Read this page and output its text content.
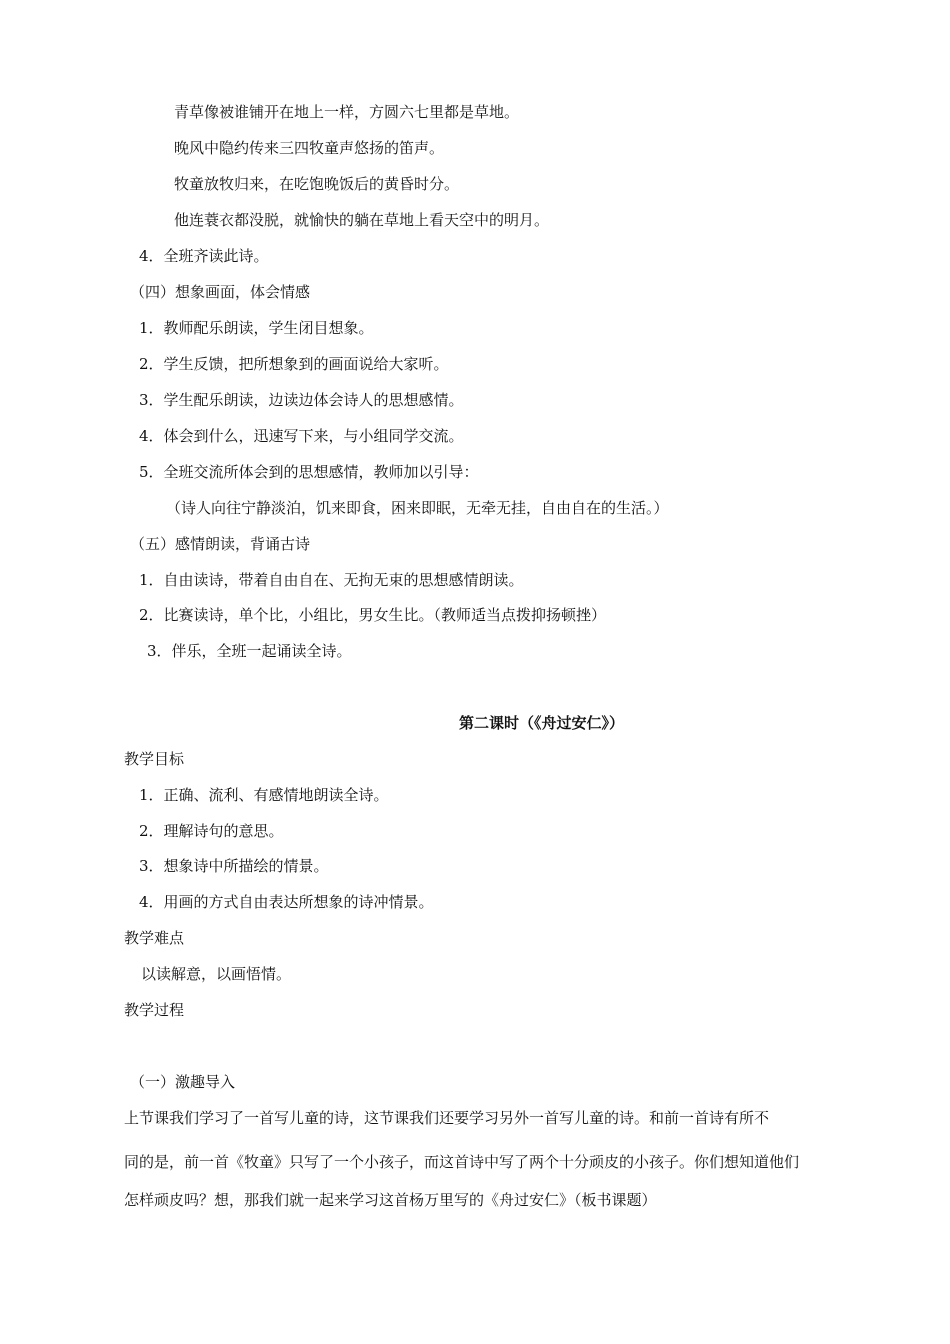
青草像被谁铺开在地上一样，方圆六七里都是草地。
晚风中隐约传来三四牧童声悠扬的笛声。
牧童放牧归来，在吃饱晚饭后的黄昏时分。
他连蓑衣都没脱，就愉快的躺在草地上看天空中的明月。
4．全班齐读此诗。
（四）想象画面，体会情感
1．教师配乐朗读，学生闭目想象。
2．学生反馈，把所想象到的画面说给大家听。
3．学生配乐朗读，边读边体会诗人的思想感情。
4．体会到什么，迅速写下来，与小组同学交流。
5．全班交流所体会到的思想感情，教师加以引导：
（诗人向往宁静淡泊，饥来即食，困来即眠，无牵无挂，自由自在的生活。）
（五）感情朗读，背诵古诗
1．自由读诗，带着自由自在、无拘无束的思想感情朗读。
2．比赛读诗，单个比，小组比，男女生比。（教师适当点拨抑扬顿挫）
3．伴乐，全班一起诵读全诗。
第二课时（《舟过安仁》）
教学目标
1．正确、流利、有感情地朗读全诗。
2．理解诗句的意思。
3．想象诗中所描绘的情景。
4．用画的方式自由表达所想象的诗冲情景。
教学难点
以读解意，以画悟情。
教学过程
（一）激趣导入
上节课我们学习了一首写儿童的诗，这节课我们还要学习另外一首写儿童的诗。和前一首诗有所不
同的是，前一首《牧童》只写了一个小孩子，而这首诗中写了两个十分顽皮的小孩子。你们想知道他们
怎样顽皮吗？想，那我们就一起来学习这首杨万里写的《舟过安仁》（板书课题）
